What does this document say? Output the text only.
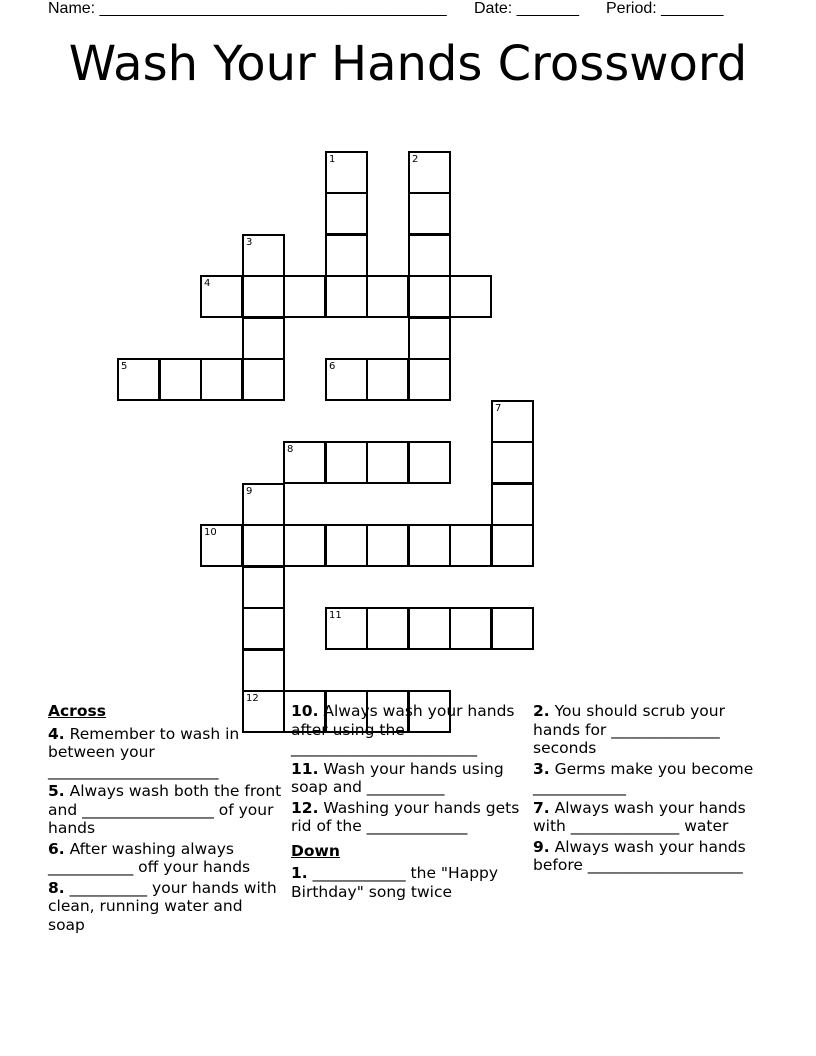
Name: _______________________________________ Date: _______ Period: _______
Wash Your Hands Crossword
1	2
3
4
5	6
7
8
9
10
11
12
Across
4. Remember to wash in between your ______________________
5. Always wash both the front and _________________ of your hands
6. After washing always ___________ off your hands
8. __________ your hands with clean, running water and soap
10. Always wash your hands after using the ________________________
11. Wash your hands using soap and __________
12. Washing your hands gets rid of the _____________
Down
1. ____________ the "Happy Birthday" song twice
2. You should scrub your hands for ______________ seconds
3. Germs make you become ____________
7. Always wash your hands with ______________ water
9. Always wash your hands before ____________________
